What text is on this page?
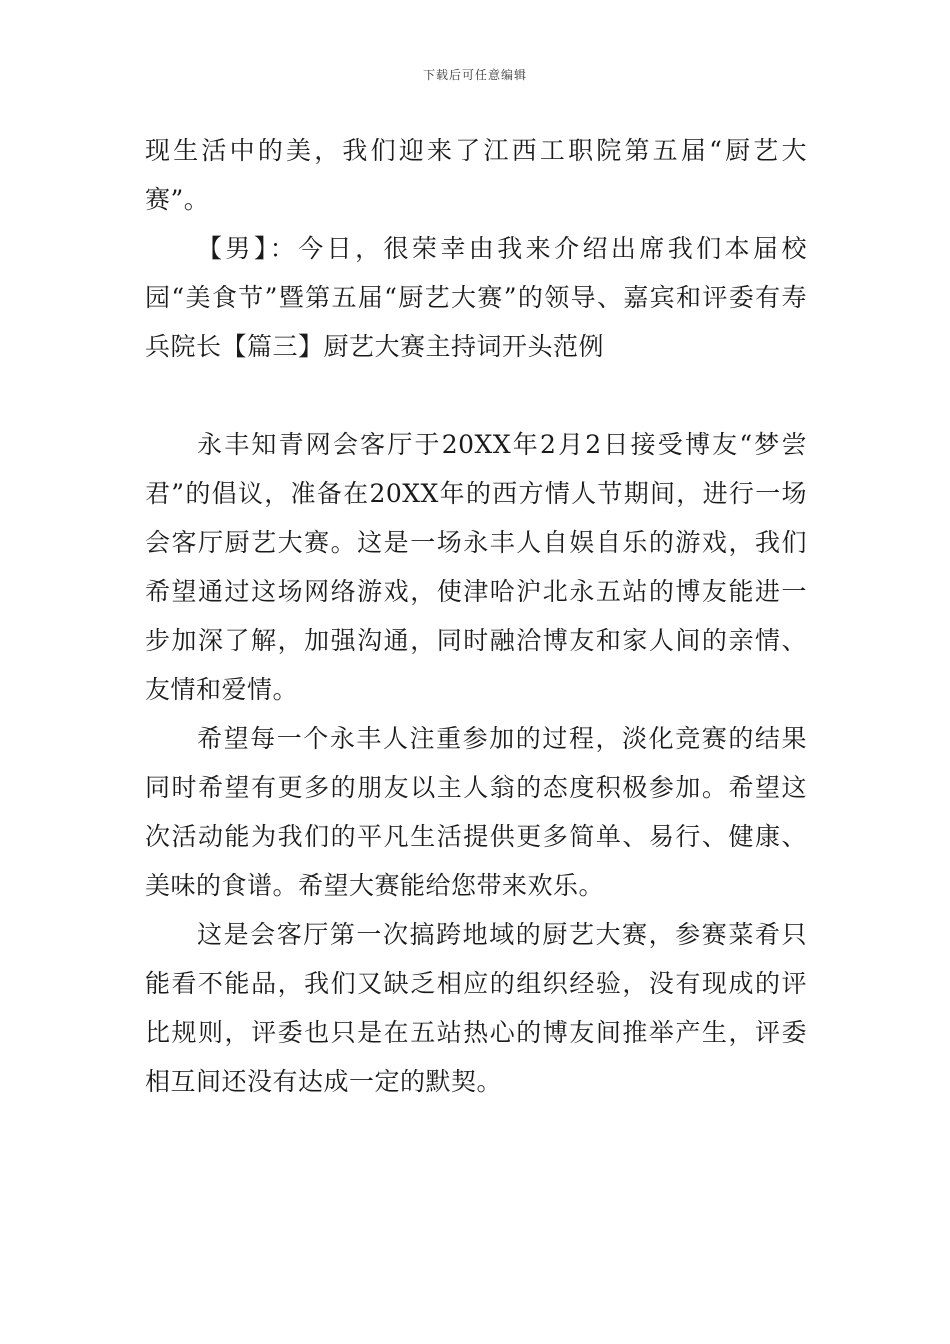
下载后可任意编辑

现生活中的美，我们迎来了江西工职院第五届“厨艺大赛”。

【男】：今日，很荣幸由我来介绍出席我们本届校园“美食节”暨第五届“厨艺大赛”的领导、嘉宾和评委有寿兵院长【篇三】厨艺大赛主持词开头范例

永丰知青网会客厅于20XX年2月2日接受博友“梦尝君”的倡议，准备在20XX年的西方情人节期间，进行一场会客厅厨艺大赛。这是一场永丰人自娱自乐的游戏，我们希望通过这场网络游戏，使津哈沪北永五站的博友能进一步加深了解，加强沟通，同时融洽博友和家人间的亲情、友情和爱情。

希望每一个永丰人注重参加的过程，淡化竞赛的结果同时希望有更多的朋友以主人翁的态度积极参加。希望这次活动能为我们的平凡生活提供更多简单、易行、健康、美味的食谱。希望大赛能给您带来欢乐。

这是会客厅第一次搞跨地域的厨艺大赛，参赛菜肴只能看不能品，我们又缺乏相应的组织经验，没有现成的评比规则，评委也只是在五站热心的博友间推举产生，评委相互间还没有达成一定的默契。
